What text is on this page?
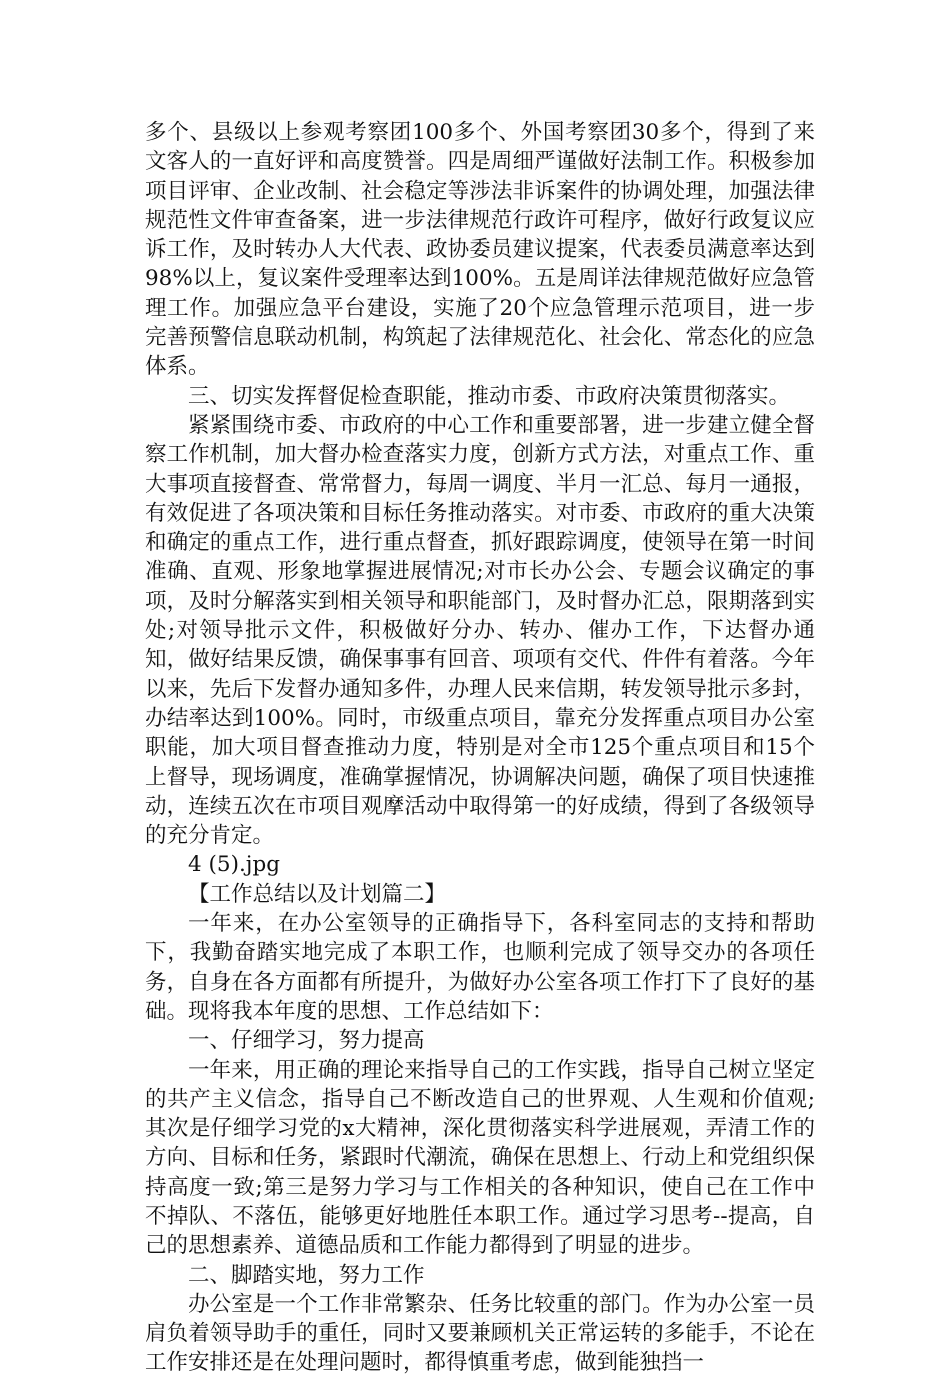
多个、县级以上参观考察团100多个、外国考察团30多个，得到了来文客人的一直好评和高度赞誉。四是周细严谨做好法制工作。积极参加项目评审、企业改制、社会稳定等涉法非诉案件的协调处理，加强法律规范性文件审查备案，进一步法律规范行政许可程序，做好行政复议应诉工作，及时转办人大代表、政协委员建议提案，代表委员满意率达到98%以上，复议案件受理率达到100%。五是周详法律规范做好应急管理工作。加强应急平台建设，实施了20个应急管理示范项目，进一步完善预警信息联动机制，构筑起了法律规范化、社会化、常态化的应急体系。

三、切实发挥督促检查职能，推动市委、市政府决策贯彻落实。

紧紧围绕市委、市政府的中心工作和重要部署，进一步建立健全督察工作机制，加大督办检查落实力度，创新方式方法，对重点工作、重大事项直接督查、常常督力，每周一调度、半月一汇总、每月一通报，有效促进了各项决策和目标任务推动落实。对市委、市政府的重大决策和确定的重点工作，进行重点督查，抓好跟踪调度，使领导在第一时间准确、直观、形象地掌握进展情况;对市长办公会、专题会议确定的事项，及时分解落实到相关领导和职能部门，及时督办汇总，限期落到实处;对领导批示文件，积极做好分办、转办、催办工作，下达督办通知，做好结果反馈，确保事事有回音、项项有交代、件件有着落。今年以来，先后下发督办通知多件，办理人民来信期，转发领导批示多封，办结率达到100%。同时，市级重点项目，靠充分发挥重点项目办公室职能，加大项目督查推动力度，特别是对全市125个重点项目和15个上督导，现场调度，准确掌握情况，协调解决问题，确保了项目快速推动，连续五次在市项目观摩活动中取得第一的好成绩，得到了各级领导的充分肯定。

4 (5).jpg

【工作总结以及计划篇二】

一年来，在办公室领导的正确指导下，各科室同志的支持和帮助下，我勤奋踏实地完成了本职工作，也顺利完成了领导交办的各项任务，自身在各方面都有所提升，为做好办公室各项工作打下了良好的基础。现将我本年度的思想、工作总结如下：

一、仔细学习，努力提高

一年来，用正确的理论来指导自己的工作实践，指导自己树立坚定的共产主义信念，指导自己不断改造自己的世界观、人生观和价值观;其次是仔细学习党的x大精神，深化贯彻落实科学进展观，弄清工作的方向、目标和任务，紧跟时代潮流，确保在思想上、行动上和党组织保持高度一致;第三是努力学习与工作相关的各种知识，使自己在工作中不掉队、不落伍，能够更好地胜任本职工作。通过学习思考--提高，自己的思想素养、道德品质和工作能力都得到了明显的进步。

二、脚踏实地，努力工作

办公室是一个工作非常繁杂、任务比较重的部门。作为办公室一员肩负着领导助手的重任，同时又要兼顾机关正常运转的多能手，不论在工作安排还是在处理问题时，都得慎重考虑，做到能独挡一
